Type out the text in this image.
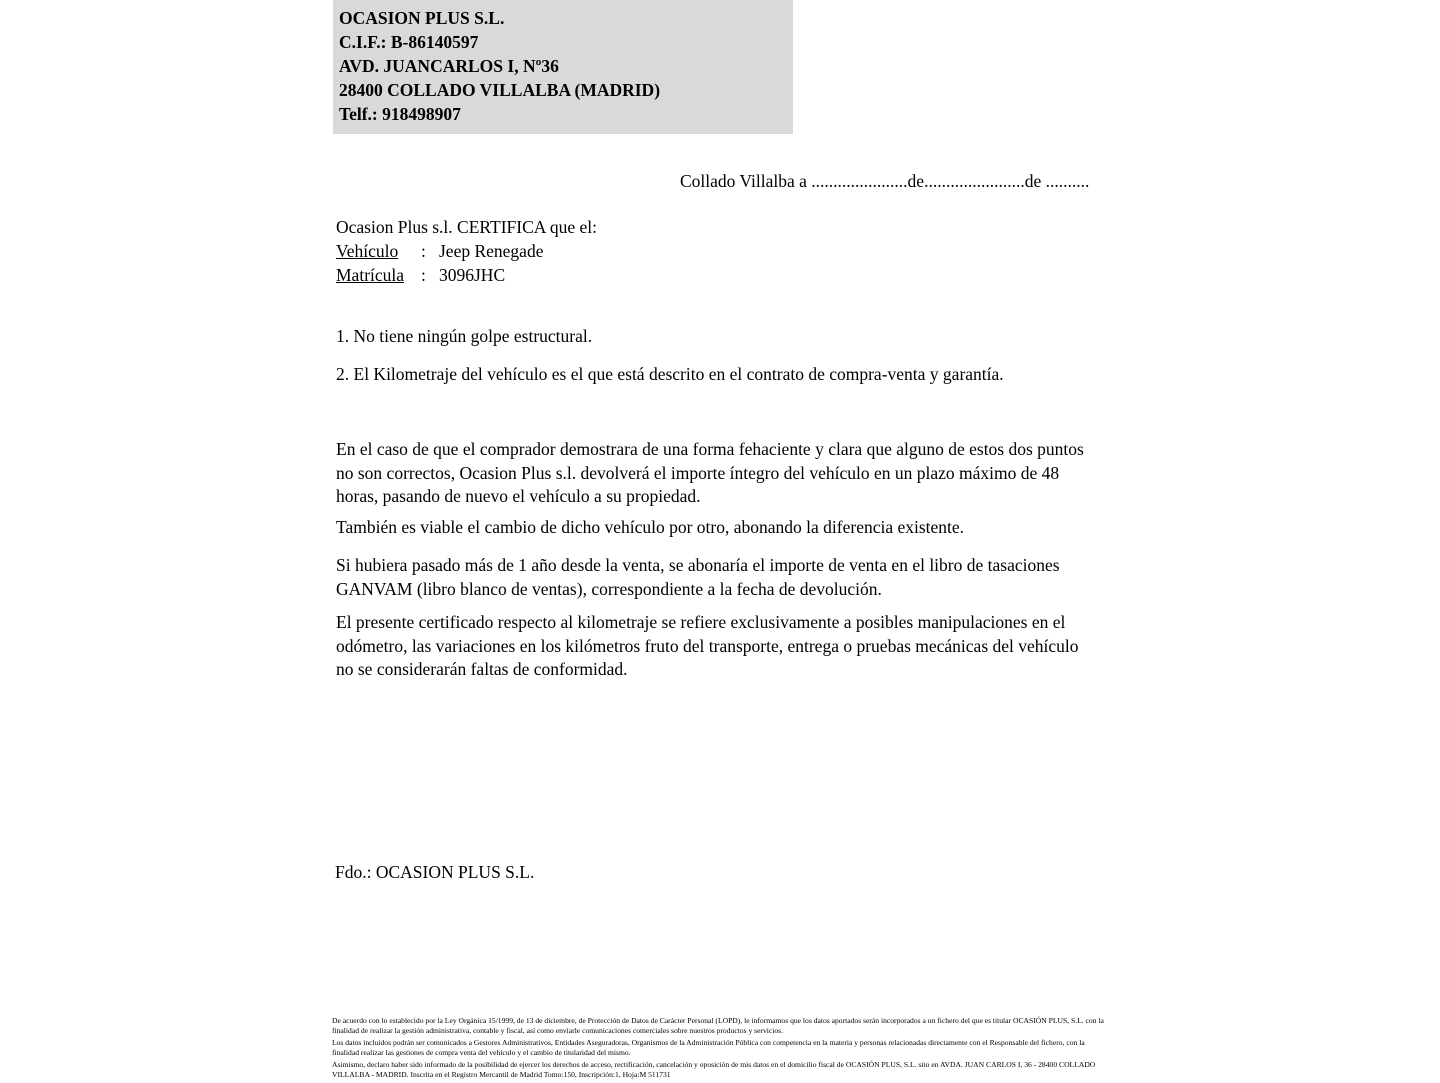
OCASION PLUS S.L.
C.I.F.: B-86140597
AVD. JUANCARLOS I, Nº36
28400 COLLADO VILLALBA (MADRID)
Telf.: 918498907
Collado Villalba a ......................de.......................de ..........
Ocasion Plus s.l. CERTIFICA que el:
Vehículo	: Jeep Renegade
Matrícula : 3096JHC
1. No tiene ningún golpe estructural.
2. El Kilometraje del vehículo es el que está descrito en el contrato de compra-venta y garantía.
En el caso de que el comprador demostrara de una forma fehaciente y clara que alguno de estos dos puntos no son correctos, Ocasion Plus s.l. devolverá el importe íntegro del vehículo en un plazo máximo de 48 horas, pasando de nuevo el vehículo a su propiedad.
También es viable el cambio de dicho vehículo por otro, abonando la diferencia existente.
Si hubiera pasado más de 1 año desde la venta, se abonaría el importe de venta en el libro de tasaciones GANVAM (libro blanco de ventas), correspondiente a la fecha de devolución.
El presente certificado respecto al kilometraje se refiere exclusivamente a posibles manipulaciones en el odómetro, las variaciones en los kilómetros fruto del transporte, entrega o pruebas mecánicas del vehículo no se considerarán faltas de conformidad.
Fdo.: OCASION PLUS S.L.

De acuerdo con lo establecido por la Ley Orgánica 15/1999, de 13 de diciembre, de Protección de Datos de Carácter Personal (LOPD), le informamos que los datos aportados serán incorporados a un fichero del que es titular OCASIÓN PLUS, S.L. con la finalidad de realizar la gestión administrativa, contable y fiscal, así como enviarle comunicaciones comerciales sobre nuestros productos y servicios.

Los datos incluidos podrán ser comunicados a Gestores Administrativos, Entidades Aseguradoras, Organismos de la Administración Pública con competencia en la materia y personas relacionadas directamente con el Responsable del fichero, con la finalidad realizar las gestiones de compra venta del vehículo y el cambio de titularidad del mismo.

Asimismo, declaro haber sido informado de la posibilidad de ejercer los derechos de acceso, rectificación, cancelación y oposición de mis datos en el domicilio fiscal de OCASIÓN PLUS, S.L. sito en AVDA. JUAN CARLOS I, 36 - 28400 COLLADO VILLALBA - MADRID. Inscrita en el Registro Mercantil de Madrid Tomo:150, Inscripción:1, Hoja:M 511731
